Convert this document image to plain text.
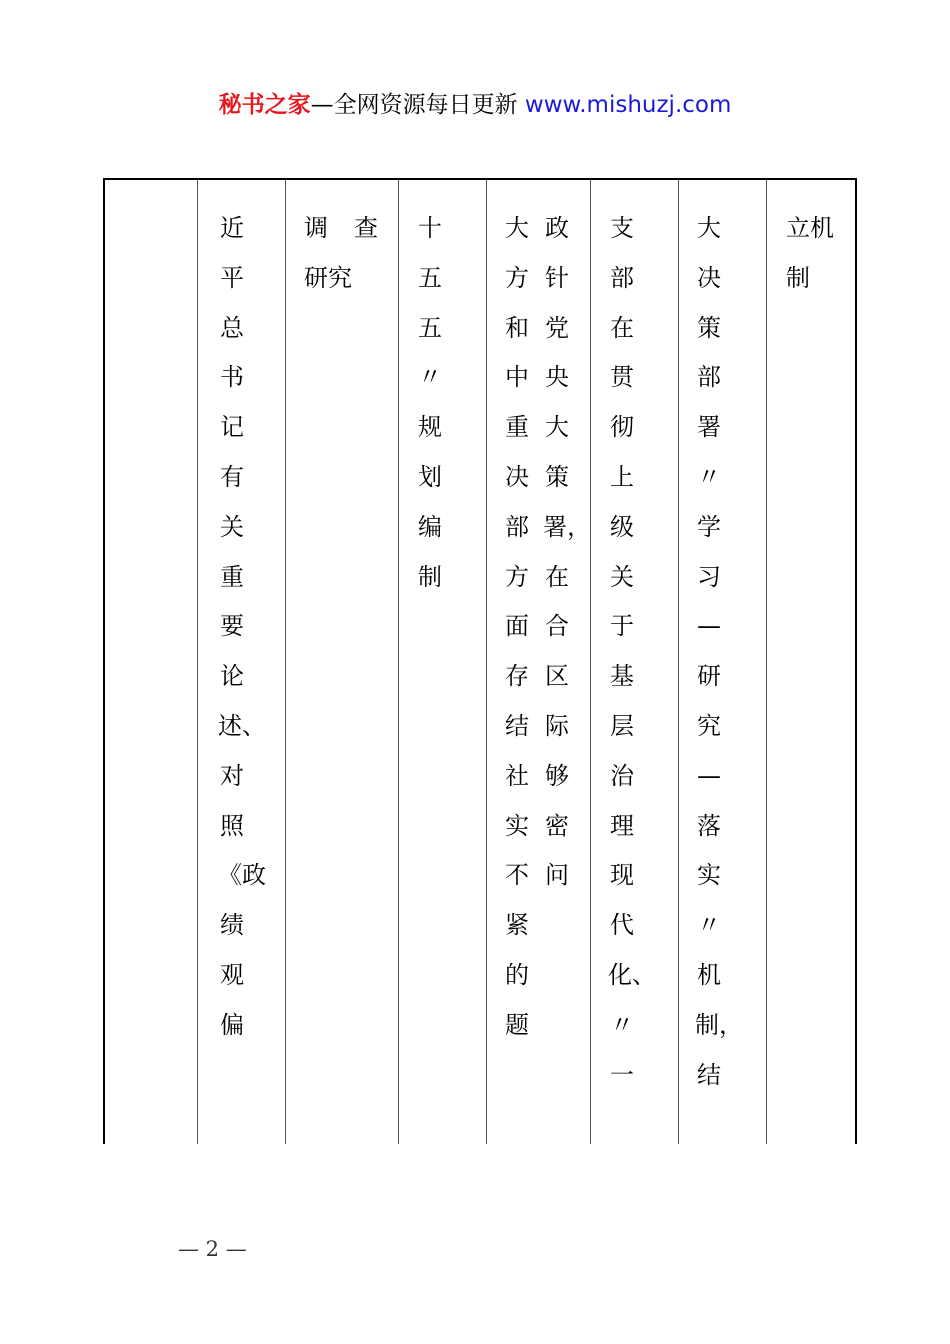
秘书之家—全网资源每日更新 www.mishuzj.com
近平总书记有关重要论述、对照《政绩观偏
调 查
研究
十五五〃规划编制
大方和中重决部方面存结社实不紧的题
政针党央大策署，在合区际够密问
支部在贯彻上级关于基层治理现代化、〃一
大决策部署〃学习—研究—落实〃机制，结
立机
制
— 2 —
